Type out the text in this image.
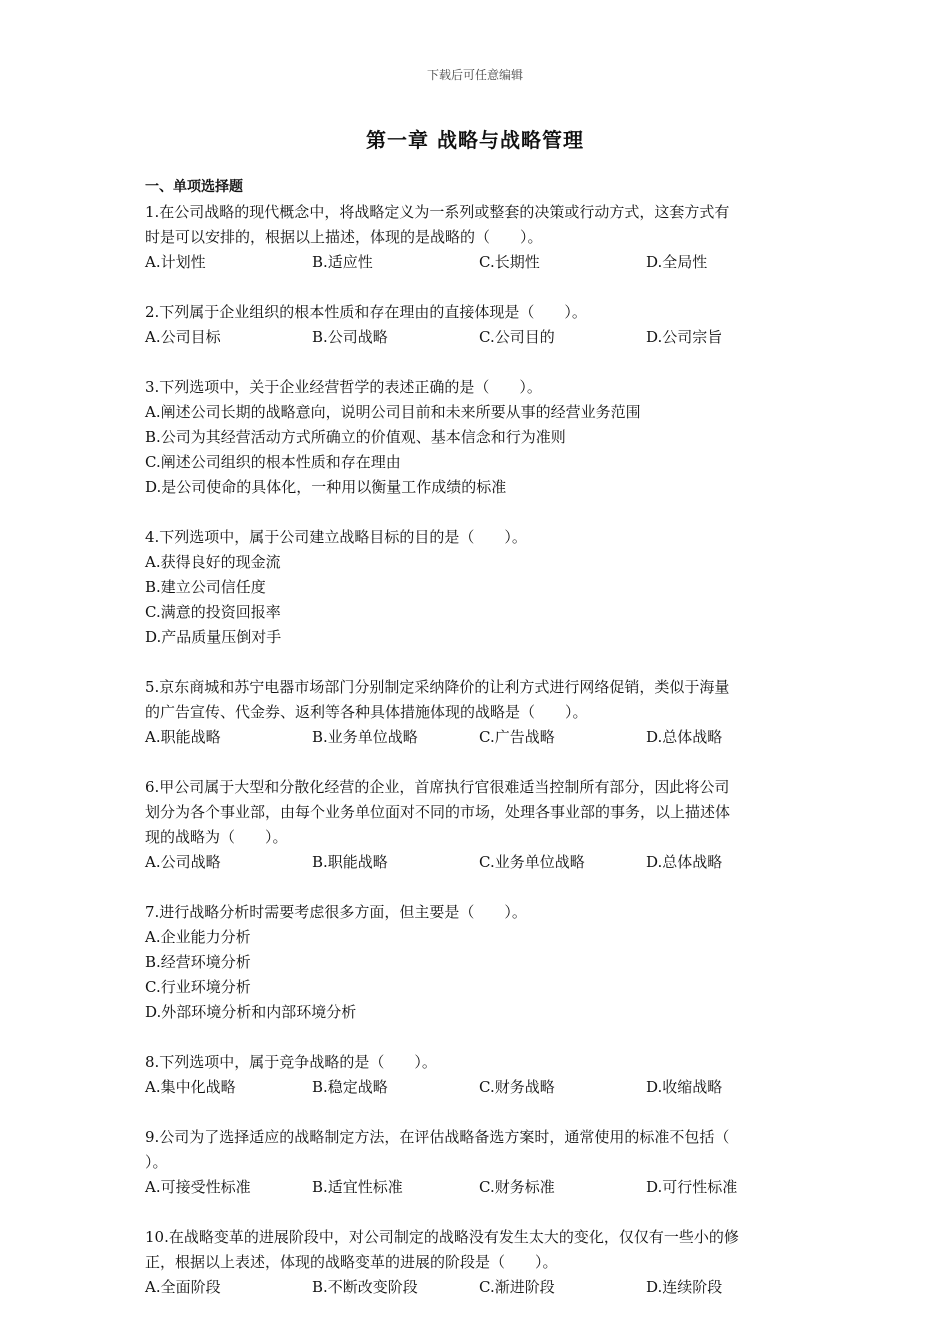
下载后可任意编辑
第一章 战略与战略管理
一、单项选择题
1.在公司战略的现代概念中，将战略定义为一系列或整套的决策或行动方式，这套方式有
时是可以安排的，根据以上描述，体现的是战略的（　　）。
A.计划性	B.适应性	C.长期性	D.全局性
2.下列属于企业组织的根本性质和存在理由的直接体现是（　　）。
A.公司目标	B.公司战略	C.公司目的	D.公司宗旨
3.下列选项中，关于企业经营哲学的表述正确的是（　　）。
A.阐述公司长期的战略意向，说明公司目前和未来所要从事的经营业务范围
B.公司为其经营活动方式所确立的价值观、基本信念和行为准则
C.阐述公司组织的根本性质和存在理由
D.是公司使命的具体化，一种用以衡量工作成绩的标准
4.下列选项中，属于公司建立战略目标的目的是（　　）。
A.获得良好的现金流
B.建立公司信任度
C.满意的投资回报率
D.产品质量压倒对手
5.京东商城和苏宁电器市场部门分别制定采纳降价的让利方式进行网络促销，类似于海量
的广告宣传、代金券、返利等各种具体措施体现的战略是（　　）。
A.职能战略	B.业务单位战略	C.广告战略	D.总体战略
6.甲公司属于大型和分散化经营的企业，首席执行官很难适当控制所有部分，因此将公司
划分为各个事业部，由每个业务单位面对不同的市场，处理各事业部的事务，以上描述体
现的战略为（　　）。
A.公司战略	B.职能战略	C.业务单位战略	D.总体战略
7.进行战略分析时需要考虑很多方面，但主要是（　　）。
A.企业能力分析
B.经营环境分析
C.行业环境分析
D.外部环境分析和内部环境分析
8.下列选项中，属于竞争战略的是（　　）。
A.集中化战略	B.稳定战略	C.财务战略	D.收缩战略
9.公司为了选择适应的战略制定方法，在评估战略备选方案时，通常使用的标准不包括（
）。
A.可接受性标准	B.适宜性标准	C.财务标准	D.可行性标准
10.在战略变革的进展阶段中，对公司制定的战略没有发生太大的变化，仅仅有一些小的修
正，根据以上表述，体现的战略变革的进展的阶段是（　　）。
A.全面阶段	B.不断改变阶段	C.渐进阶段	D.连续阶段
